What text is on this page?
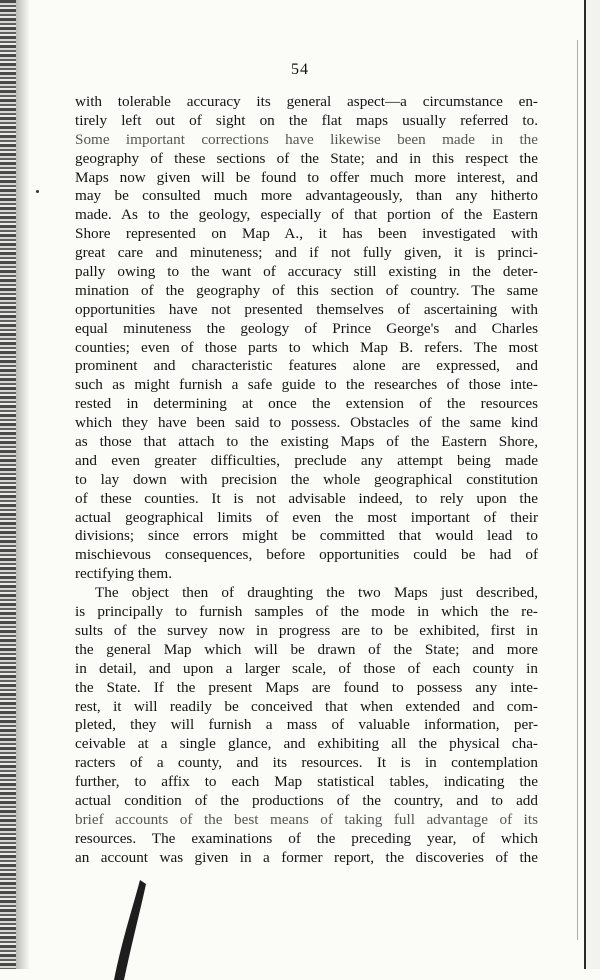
54
with tolerable accuracy its general aspect—a circumstance en-
tirely left out of sight on the flat maps usually referred to.
Some important corrections have likewise been made in the
geography of these sections of the State; and in this respect the
Maps now given will be found to offer much more interest, and
may be consulted much more advantageously, than any hitherto
made. As to the geology, especially of that portion of the Eastern
Shore represented on Map A., it has been investigated with
great care and minuteness; and if not fully given, it is princi-
pally owing to the want of accuracy still existing in the deter-
mination of the geography of this section of country. The same
opportunities have not presented themselves of ascertaining with
equal minuteness the geology of Prince George's and Charles
counties; even of those parts to which Map B. refers. The most
prominent and characteristic features alone are expressed, and
such as might furnish a safe guide to the researches of those inte-
rested in determining at once the extension of the resources
which they have been said to possess. Obstacles of the same kind
as those that attach to the existing Maps of the Eastern Shore,
and even greater difficulties, preclude any attempt being made
to lay down with precision the whole geographical constitution
of these counties. It is not advisable indeed, to rely upon the
actual geographical limits of even the most important of their
divisions; since errors might be committed that would lead to
mischievous consequences, before opportunities could be had of
rectifying them.
The object then of draughting the two Maps just described,
is principally to furnish samples of the mode in which the re-
sults of the survey now in progress are to be exhibited, first in
the general Map which will be drawn of the State; and more
in detail, and upon a larger scale, of those of each county in
the State. If the present Maps are found to possess any inte-
rest, it will readily be conceived that when extended and com-
pleted, they will furnish a mass of valuable information, per-
ceivable at a single glance, and exhibiting all the physical cha-
racters of a county, and its resources. It is in contemplation
further, to affix to each Map statistical tables, indicating the
actual condition of the productions of the country, and to add
brief accounts of the best means of taking full advantage of its
resources. The examinations of the preceding year, of which
an account was given in a former report, the discoveries of the
